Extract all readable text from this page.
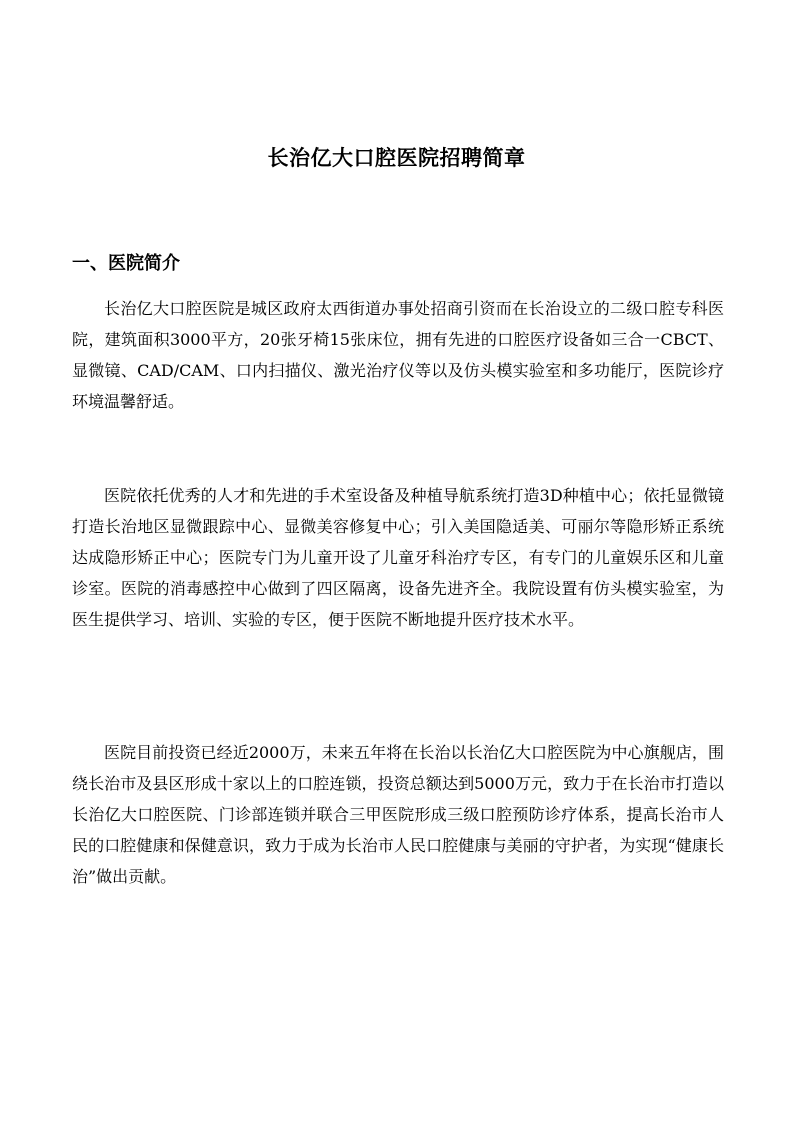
长治亿大口腔医院招聘简章
一、医院简介

长治亿大口腔医院是城区政府太西街道办事处招商引资而在长治设立的二级口腔专科医院，建筑面积3000平方，20张牙椅15张床位，拥有先进的口腔医疗设备如三合一CBCT、显微镜、CAD/CAM、口内扫描仪、激光治疗仪等以及仿头模实验室和多功能厅，医院诊疗环境温馨舒适。

医院依托优秀的人才和先进的手术室设备及种植导航系统打造3D种植中心；依托显微镜打造长治地区显微跟踪中心、显微美容修复中心；引入美国隐适美、可丽尔等隐形矫正系统达成隐形矫正中心；医院专门为儿童开设了儿童牙科治疗专区，有专门的儿童娱乐区和儿童诊室。医院的消毒感控中心做到了四区隔离，设备先进齐全。我院设置有仿头模实验室，为医生提供学习、培训、实验的专区，便于医院不断地提升医疗技术水平。

医院目前投资已经近2000万，未来五年将在长治以长治亿大口腔医院为中心旗舰店，围绕长治市及县区形成十家以上的口腔连锁，投资总额达到5000万元，致力于在长治市打造以长治亿大口腔医院、门诊部连锁并联合三甲医院形成三级口腔预防诊疗体系，提高长治市人民的口腔健康和保健意识，致力于成为长治市人民口腔健康与美丽的守护者，为实现“健康长治”做出贡献。
